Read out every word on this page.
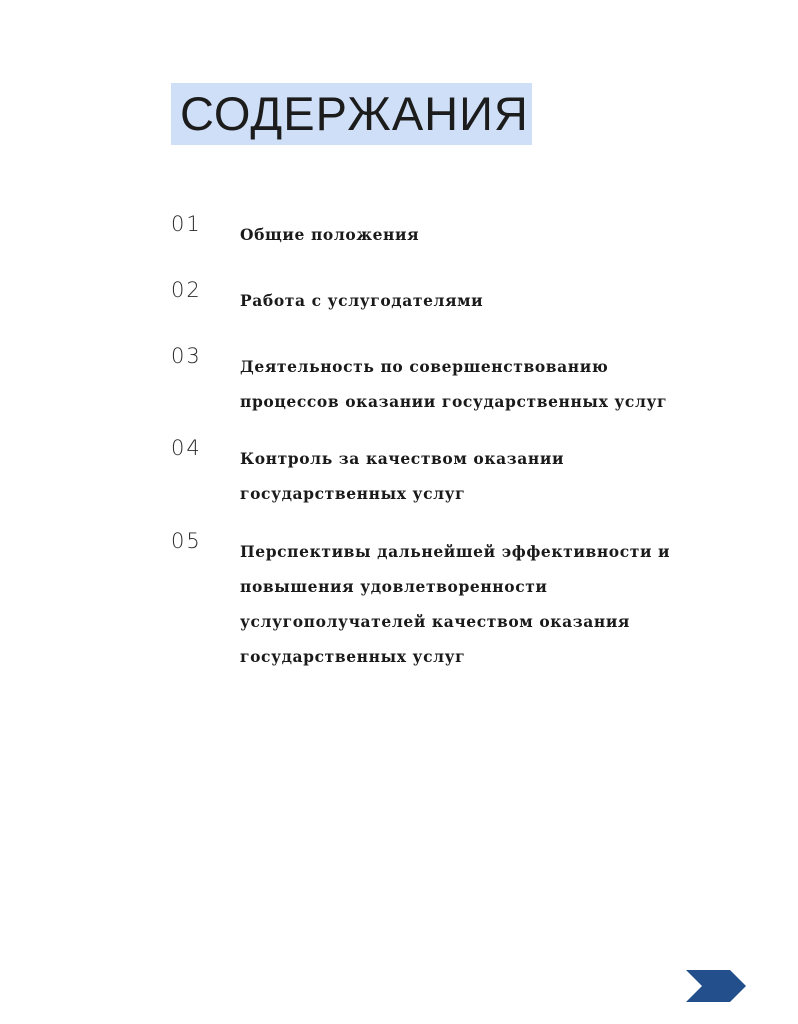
СОДЕРЖАНИЯ
01 Общие положения
02 Работа с услугодателями
03 Деятельность по совершенствованию
процессов оказании государственных услуг
04 Контроль за качеством оказании
государственных услуг
05 Перспективы дальнейшей эффективности и
повышения удовлетворенности
услугополучателей качеством оказания
государственных услуг
